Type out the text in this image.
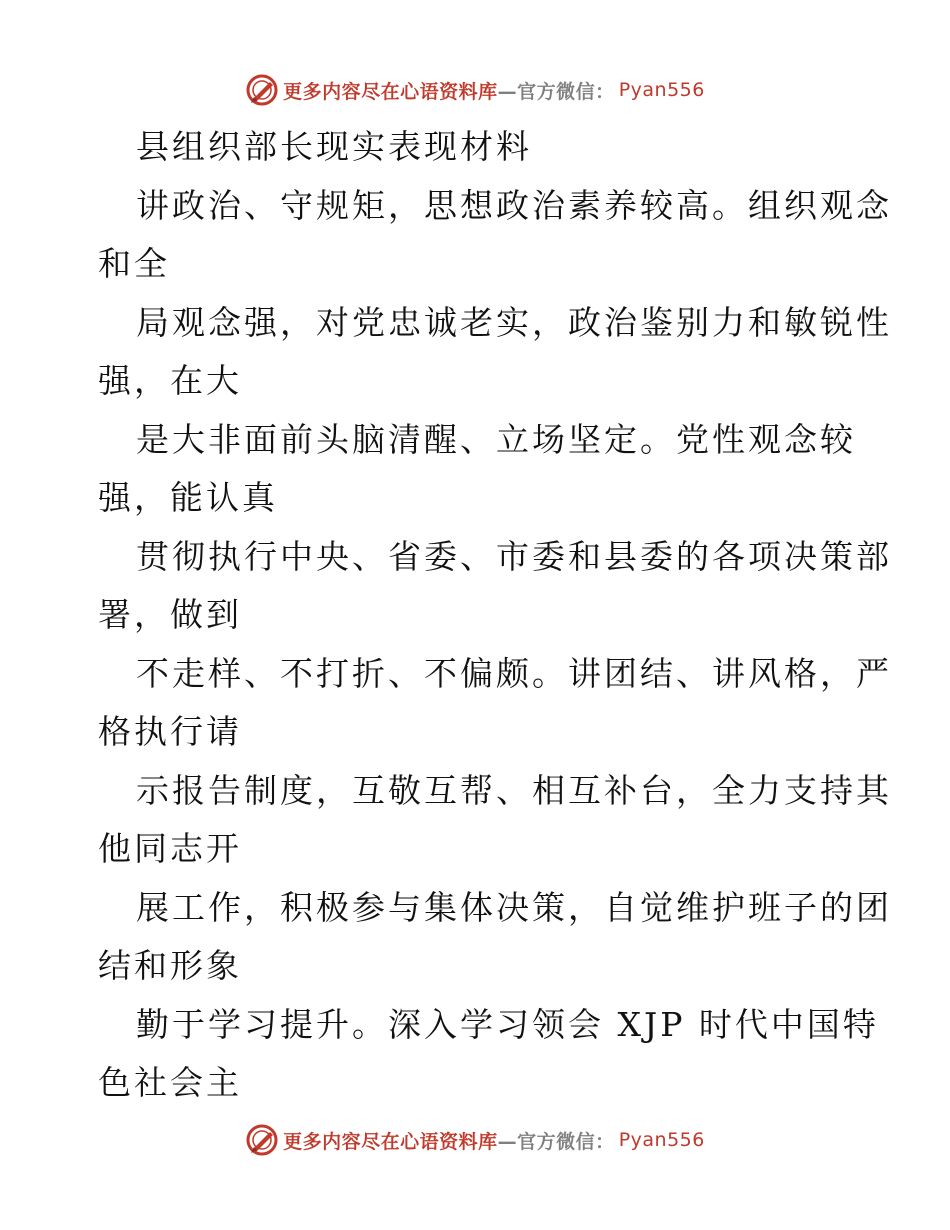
更多内容尽在心语资料库 —官方微信： Pyan556
县组织部长现实表现材料
讲政治、守规矩，思想政治素养较高。组织观念
和全
局观念强，对党忠诚老实，政治鉴别力和敏锐性
强，在大
是大非面前头脑清醒、立场坚定。党性观念较
强，能认真
贯彻执行中央、省委、市委和县委的各项决策部
署，做到
不走样、不打折、不偏颇。讲团结、讲风格，严
格执行请
示报告制度，互敬互帮、相互补台，全力支持其
他同志开
展工作，积极参与集体决策，自觉维护班子的团
结和形象
勤于学习提升。深入学习领会 XJP 时代中国特
色社会主
更多内容尽在心语资料库 —官方微信： Pyan556
